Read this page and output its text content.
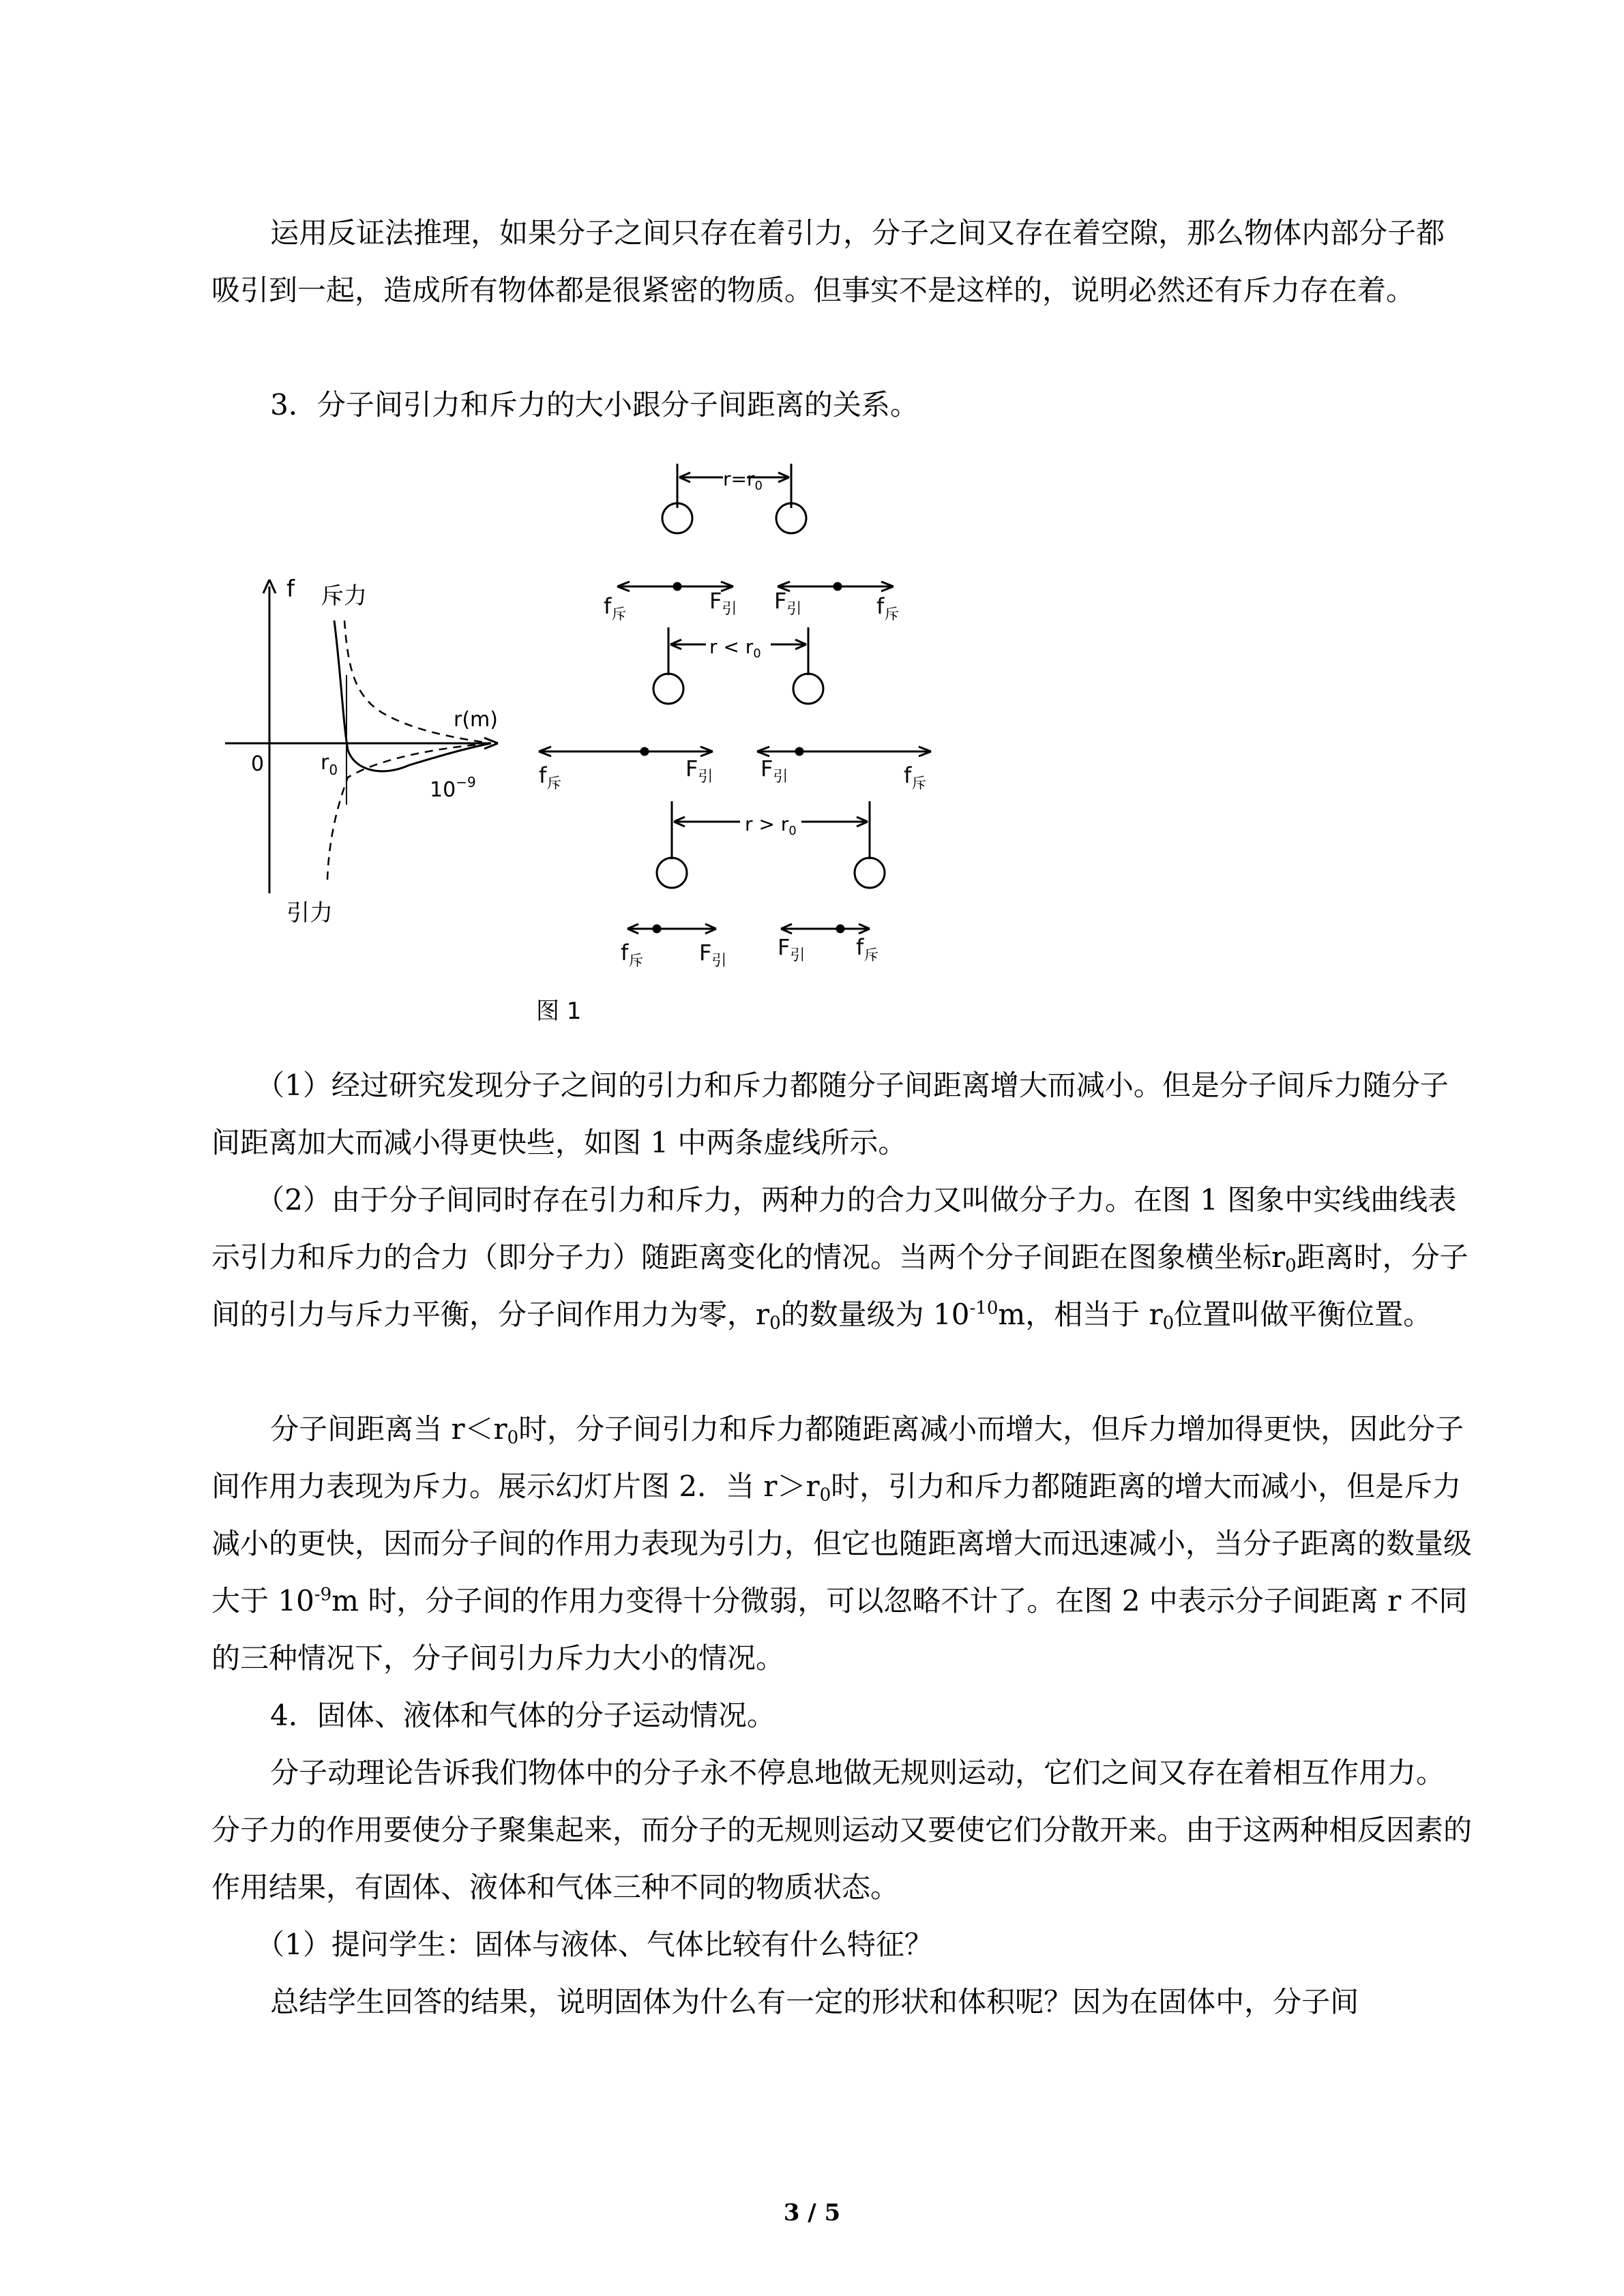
运用反证法推理，如果分子之间只存在着引力，分子之间又存在着空隙，那么物体内部分子都吸引到一起，造成所有物体都是很紧密的物质。但事实不是这样的，说明必然还有斥力存在着。

3．分子间引力和斥力的大小跟分子间距离的关系。
f 斥力
引力
r(m)
0	$r_0$
$10^{-9}$
$r=r_0$
$f_斥$
$F_引$ $F_引$	$f_斥$
$r < r_0$
$f_斥$
$F_引$ $F_引$	$f_斥$
$r > r_0$
$f_斥$	$F_引$
$F_引$ $f_斥$
图 1

（1）经过研究发现分子之间的引力和斥力都随分子间距离增大而减小。但是分子间斥力随分子间距离加大而减小得更快些，如图 1 中两条虚线所示。

（2）由于分子间同时存在引力和斥力，两种力的合力又叫做分子力。在图 1 图象中实线曲线表示引力和斥力的合力（即分子力）随距离变化的情况。当两个分子间距在图象横坐标$r_0$距离时，分子间的引力与斥力平衡，分子间作用力为零，$r_0$的数量级为 $10^{-10}m$，相当于 $r_0$位置叫做平衡位置。

分子间距离当 $r<r_0$时，分子间引力和斥力都随距离减小而增大，但斥力增加得更快，因此分子间作用力表现为斥力。展示幻灯片图 2．当 $r>r_0$时，引力和斥力都随距离的增大而减小，但是斥力减小的更快，因而分子间的作用力表现为引力，但它也随距离增大而迅速减小，当分子距离的数量级大于 $10^{-9}m$ 时，分子间的作用力变得十分微弱，可以忽略不计了。在图 2 中表示分子间距离 r 不同的三种情况下，分子间引力斥力大小的情况。

4．固体、液体和气体的分子运动情况。

分子动理论告诉我们物体中的分子永不停息地做无规则运动，它们之间又存在着相互作用力。分子力的作用要使分子聚集起来，而分子的无规则运动又要使它们分散开来。由于这两种相反因素的作用结果，有固体、液体和气体三种不同的物质状态。

（1）提问学生：固体与液体、气体比较有什么特征？

总结学生回答的结果，说明固体为什么有一定的形状和体积呢？因为在固体中，分子间

3 / 5
